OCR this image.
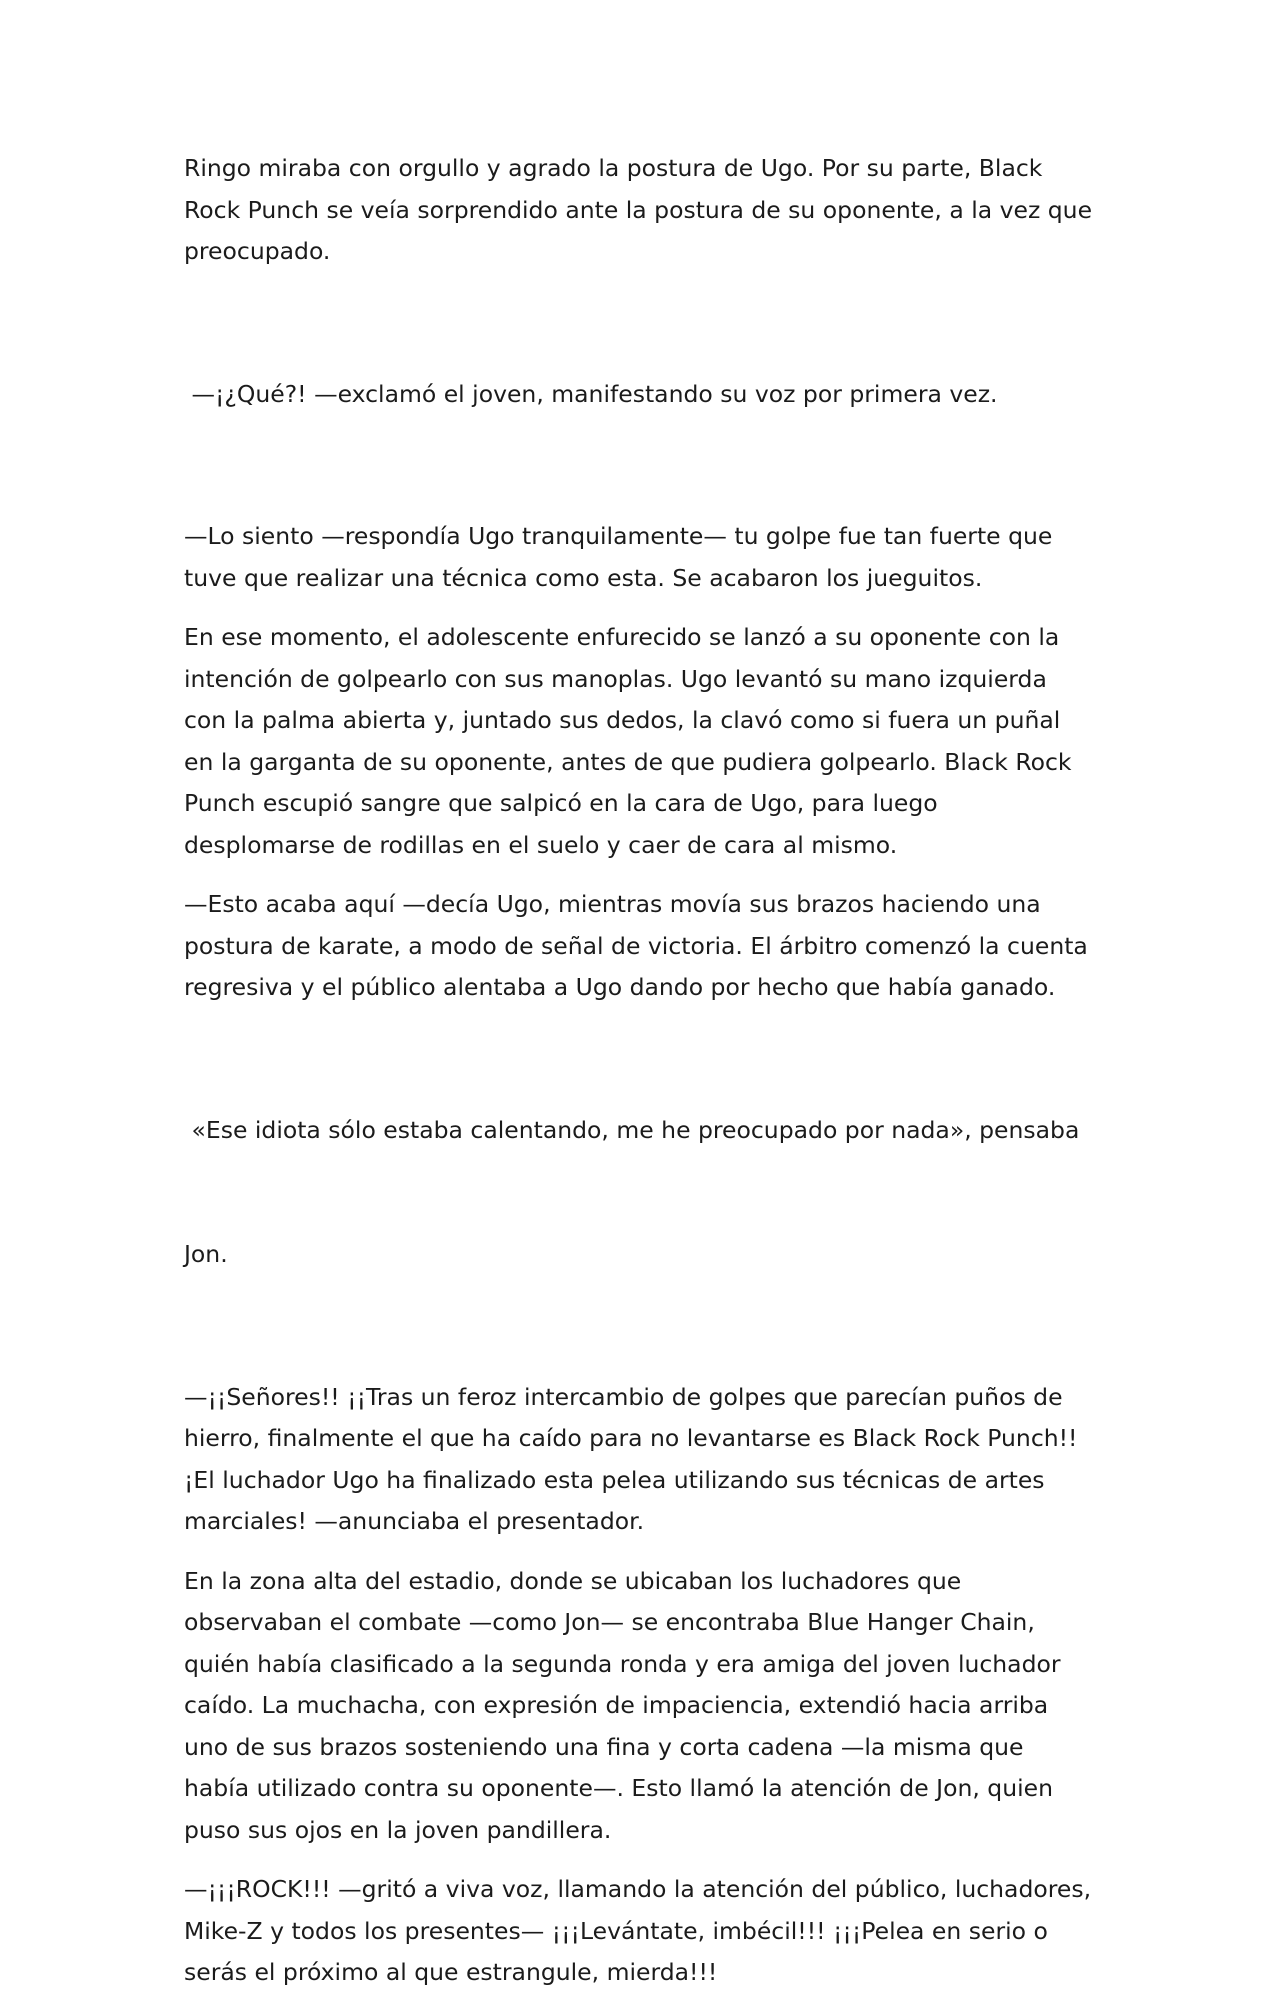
Ringo miraba con orgullo y agrado la postura de Ugo. Por su parte, Black
Rock Punch se veía sorprendido ante la postura de su oponente, a la vez que
preocupado.

—¡¿Qué?! —exclamó el joven, manifestando su voz por primera vez.

—Lo siento —respondía Ugo tranquilamente— tu golpe fue tan fuerte que
tuve que realizar una técnica como esta. Se acabaron los jueguitos.

En ese momento, el adolescente enfurecido se lanzó a su oponente con la
intención de golpearlo con sus manoplas. Ugo levantó su mano izquierda
con la palma abierta y, juntado sus dedos, la clavó como si fuera un puñal
en la garganta de su oponente, antes de que pudiera golpearlo. Black Rock
Punch escupió sangre que salpicó en la cara de Ugo, para luego
desplomarse de rodillas en el suelo y caer de cara al mismo.

—Esto acaba aquí —decía Ugo, mientras movía sus brazos haciendo una
postura de karate, a modo de señal de victoria. El árbitro comenzó la cuenta
regresiva y el público alentaba a Ugo dando por hecho que había ganado.

«Ese idiota sólo estaba calentando, me he preocupado por nada», pensaba

Jon.

—¡¡Señores!! ¡¡Tras un feroz intercambio de golpes que parecían puños de
hierro, finalmente el que ha caído para no levantarse es Black Rock Punch!!
¡El luchador Ugo ha finalizado esta pelea utilizando sus técnicas de artes
marciales! —anunciaba el presentador.

En la zona alta del estadio, donde se ubicaban los luchadores que
observaban el combate —como Jon— se encontraba Blue Hanger Chain,
quién había clasificado a la segunda ronda y era amiga del joven luchador
caído. La muchacha, con expresión de impaciencia, extendió hacia arriba
uno de sus brazos sosteniendo una fina y corta cadena —la misma que
había utilizado contra su oponente—. Esto llamó la atención de Jon, quien
puso sus ojos en la joven pandillera.

—¡¡¡ROCK!!! —gritó a viva voz, llamando la atención del público, luchadores,
Mike-Z y todos los presentes— ¡¡¡Levántate, imbécil!!! ¡¡¡Pelea en serio o
serás el próximo al que estrangule, mierda!!!
